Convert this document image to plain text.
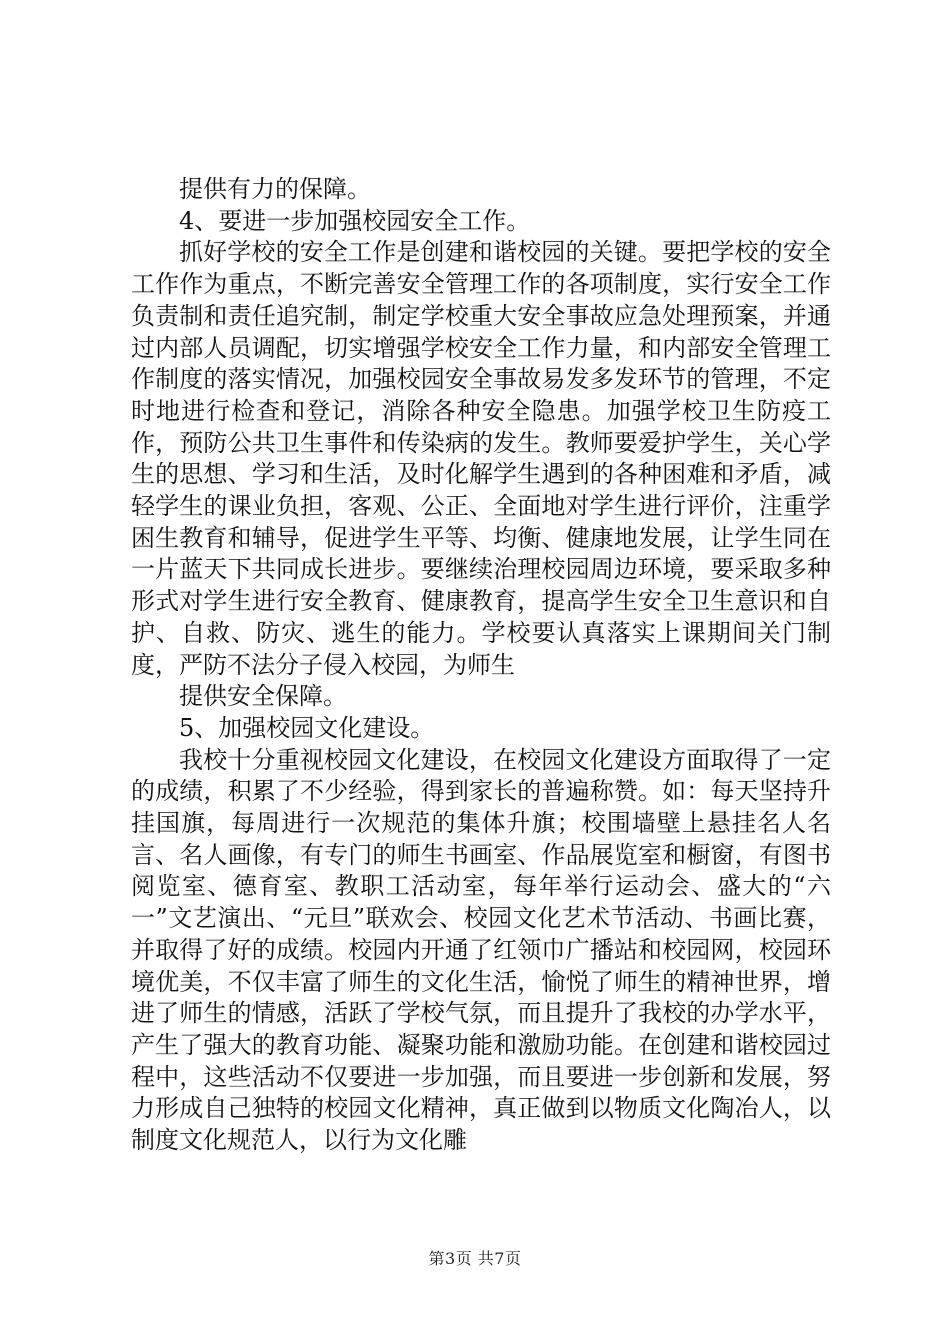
提供有力的保障。

4、要进一步加强校园安全工作。

抓好学校的安全工作是创建和谐校园的关键。要把学校的安全工作作为重点，不断完善安全管理工作的各项制度，实行安全工作负责制和责任追究制，制定学校重大安全事故应急处理预案，并通过内部人员调配，切实增强学校安全工作力量，和内部安全管理工作制度的落实情况，加强校园安全事故易发多发环节的管理，不定时地进行检查和登记，消除各种安全隐患。加强学校卫生防疫工作，预防公共卫生事件和传染病的发生。教师要爱护学生，关心学生的思想、学习和生活，及时化解学生遇到的各种困难和矛盾，减轻学生的课业负担，客观、公正、全面地对学生进行评价，注重学困生教育和辅导，促进学生平等、均衡、健康地发展，让学生同在一片蓝天下共同成长进步。要继续治理校园周边环境，要采取多种形式对学生进行安全教育、健康教育，提高学生安全卫生意识和自护、自救、防灾、逃生的能力。学校要认真落实上课期间关门制度，严防不法分子侵入校园，为师生

提供安全保障。

5、加强校园文化建设。

我校十分重视校园文化建设，在校园文化建设方面取得了一定的成绩，积累了不少经验，得到家长的普遍称赞。如：每天坚持升挂国旗，每周进行一次规范的集体升旗；校围墙壁上悬挂名人名言、名人画像，有专门的师生书画室、作品展览室和橱窗，有图书阅览室、德育室、教职工活动室，每年举行运动会、盛大的“六一”文艺演出、“元旦”联欢会、校园文化艺术节活动、书画比赛，并取得了好的成绩。校园内开通了红领巾广播站和校园网，校园环境优美，不仅丰富了师生的文化生活，愉悦了师生的精神世界，增进了师生的情感，活跃了学校气氛，而且提升了我校的办学水平，产生了强大的教育功能、凝聚功能和激励功能。在创建和谐校园过程中，这些活动不仅要进一步加强，而且要进一步创新和发展，努力形成自己独特的校园文化精神，真正做到以物质文化陶冶人，以制度文化规范人，以行为文化雕

第3页 共7页
